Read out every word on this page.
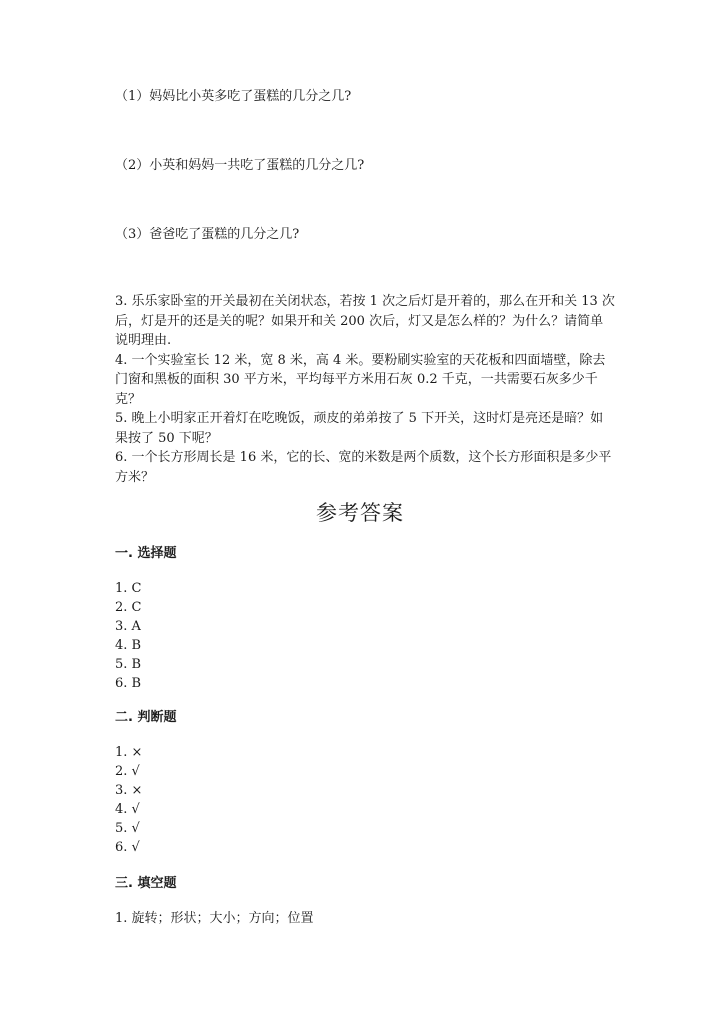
（1）妈妈比小英多吃了蛋糕的几分之几?
（2）小英和妈妈一共吃了蛋糕的几分之几?
（3）爸爸吃了蛋糕的几分之几?

3. 乐乐家卧室的开关最初在关闭状态，若按 1 次之后灯是开着的，那么在开和关 13 次后，灯是开的还是关的呢？如果开和关 200 次后，灯又是怎么样的？为什么？请简单说明理由.

4. 一个实验室长 12 米，宽 8 米，高 4 米。要粉刷实验室的天花板和四面墙壁，除去门窗和黑板的面积 30 平方米，平均每平方米用石灰 0.2 千克，一共需要石灰多少千克？

5. 晚上小明家正开着灯在吃晚饭，顽皮的弟弟按了 5 下开关，这时灯是亮还是暗？如果按了 50 下呢？

6. 一个长方形周长是 16 米，它的长、宽的米数是两个质数，这个长方形面积是多少平方米？

参考答案
一. 选择题
1. C
2. C
3. A
4. B
5. B
6. B
二. 判断题
1. ×
2. √
3. ×
4. √
5. √
6. √
三. 填空题
1. 旋转；形状；大小；方向；位置
